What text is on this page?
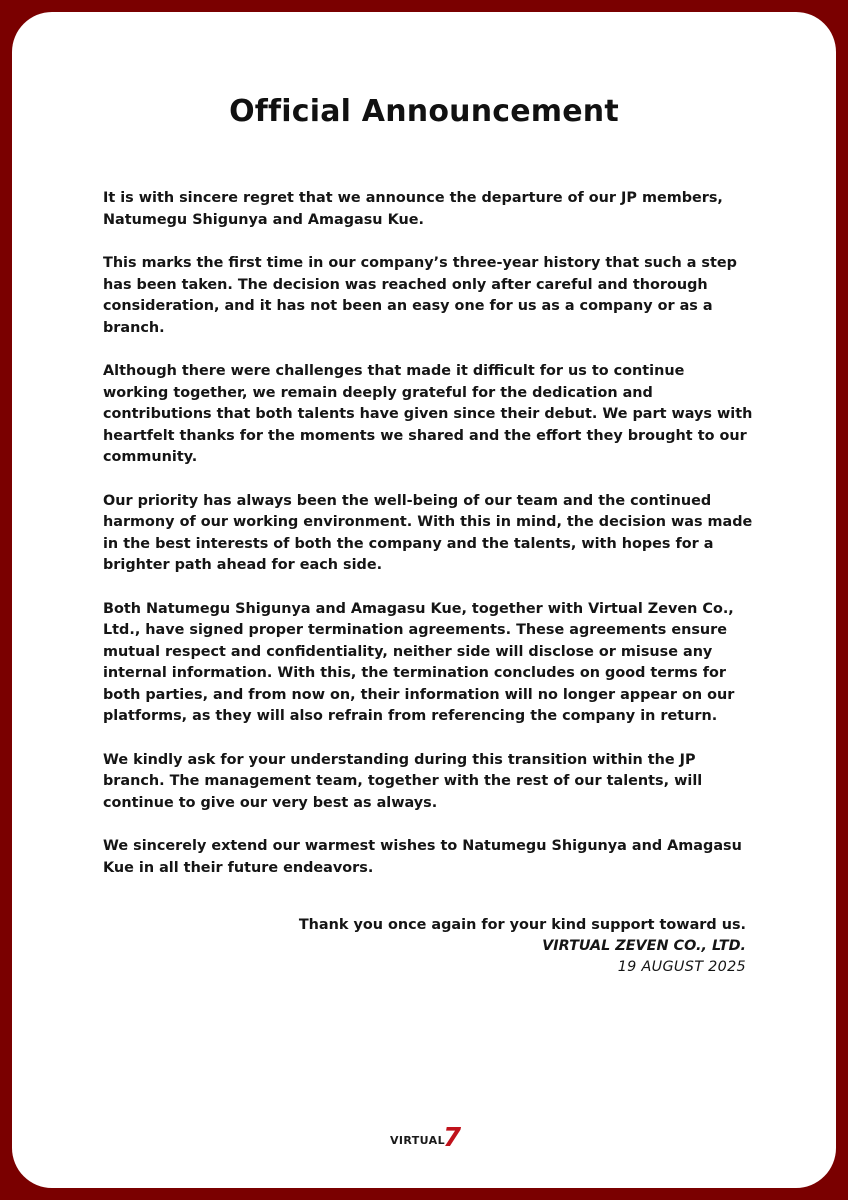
Official Announcement

It is with sincere regret that we announce the departure of our JP members, Natumegu Shigunya and Amagasu Kue.

This marks the first time in our company’s three-year history that such a step has been taken. The decision was reached only after careful and thorough consideration, and it has not been an easy one for us as a company or as a branch.

Although there were challenges that made it difficult for us to continue working together, we remain deeply grateful for the dedication and contributions that both talents have given since their debut. We part ways with heartfelt thanks for the moments we shared and the effort they brought to our community.

Our priority has always been the well-being of our team and the continued harmony of our working environment. With this in mind, the decision was made in the best interests of both the company and the talents, with hopes for a brighter path ahead for each side.

Both Natumegu Shigunya and Amagasu Kue, together with Virtual Zeven Co., Ltd., have signed proper termination agreements. These agreements ensure mutual respect and confidentiality, neither side will disclose or misuse any internal information. With this, the termination concludes on good terms for both parties, and from now on, their information will no longer appear on our platforms, as they will also refrain from referencing the company in return.

We kindly ask for your understanding during this transition within the JP branch. The management team, together with the rest of our talents, will continue to give our very best as always.

We sincerely extend our warmest wishes to Natumegu Shigunya and Amagasu Kue in all their future endeavors.

Thank you once again for your kind support toward us.
VIRTUAL ZEVEN CO., LTD.
19 AUGUST 2025
VIRTUAL
7
